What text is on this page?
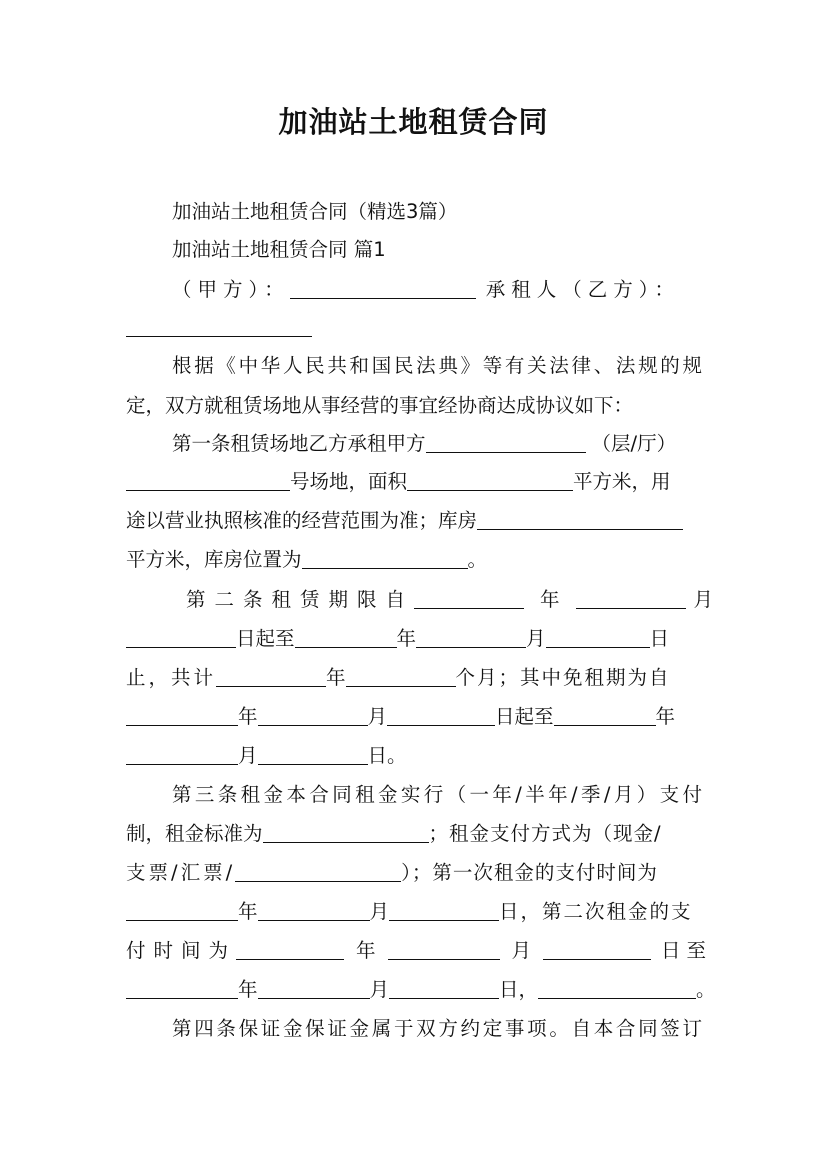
加油站土地租赁合同
加油站土地租赁合同（精选3篇）
加油站土地租赁合同 篇1
（甲方）：	承租人（乙方）：
根据《中华人民共和国民法典》等有关法律、法规的规
定，双方就租赁场地从事经营的事宜经协商达成协议如下：
第一条租赁场地乙方承租甲方	（层/厅）
号场地，面积	平方米，用
途以营业执照核准的经营范围为准；库房
平方米，库房位置为	。
第二条租赁期限自	年	月
日起至	年	月	日
止，共计	年	个月；其中免租期为自
年	月	日起至	年
月	日。
第三条租金本合同租金实行（一年/半年/季/月）支付
制，租金标准为	；租金支付方式为（现金/
支票/汇票/	）；第一次租金的支付时间为
年	月	日，第二次租金的支
付时间为	年	月	日至
年	月	日，	。
第四条保证金保证金属于双方约定事项。自本合同签订
